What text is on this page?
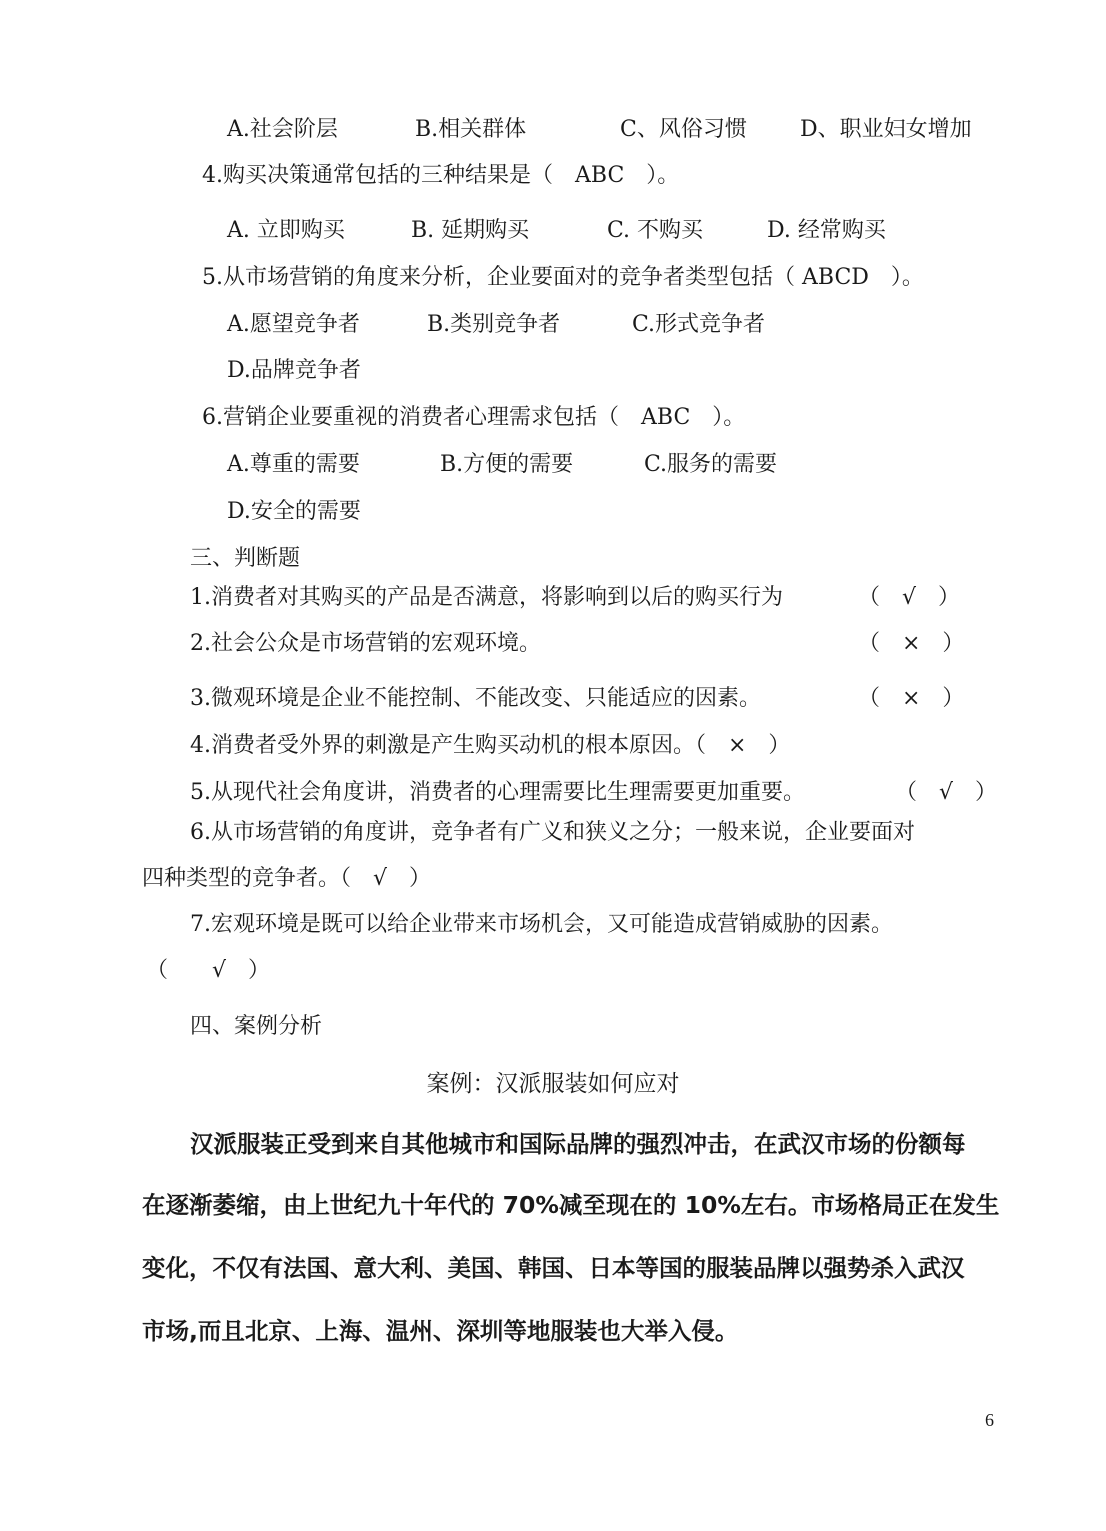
A.社会阶层	B.相关群体	C、风俗习惯 D、职业妇女增加
4.购买决策通常包括的三种结果是（　ABC　）。
A. 立即购买	B. 延期购买	C. 不购买	D. 经常购买
5.从市场营销的角度来分析，企业要面对的竞争者类型包括（ ABCD　）。
A.愿望竞争者	B.类别竞争者	C.形式竞争者
D.品牌竞争者
6.营销企业要重视的消费者心理需求包括（　ABC　）。
A.尊重的需要	B.方便的需要	C.服务的需要
D.安全的需要
三、判断题
1.消费者对其购买的产品是否满意，将影响到以后的购买行为	（　√　）
2.社会公众是市场营销的宏观环境。	（　×　）
3.微观环境是企业不能控制、不能改变、只能适应的因素。	（　×　）
4.消费者受外界的刺激是产生购买动机的根本原因。（　×　）
5.从现代社会角度讲，消费者的心理需要比生理需要更加重要。	（　√　）
6.从市场营销的角度讲，竞争者有广义和狭义之分；一般来说，企业要面对
四种类型的竞争者。（　√　）
7.宏观环境是既可以给企业带来市场机会，又可能造成营销威胁的因素。
（　　√　）
四、案例分析
案例：汉派服装如何应对
汉派服装正受到来自其他城市和国际品牌的强烈冲击，在武汉市场的份额每
在逐渐萎缩，由上世纪九十年代的 70%减至现在的 10%左右。市场格局正在发生
变化，不仅有法国、意大利、美国、韩国、日本等国的服装品牌以强势杀入武汉
市场,而且北京、上海、温州、深圳等地服装也大举入侵。
6
